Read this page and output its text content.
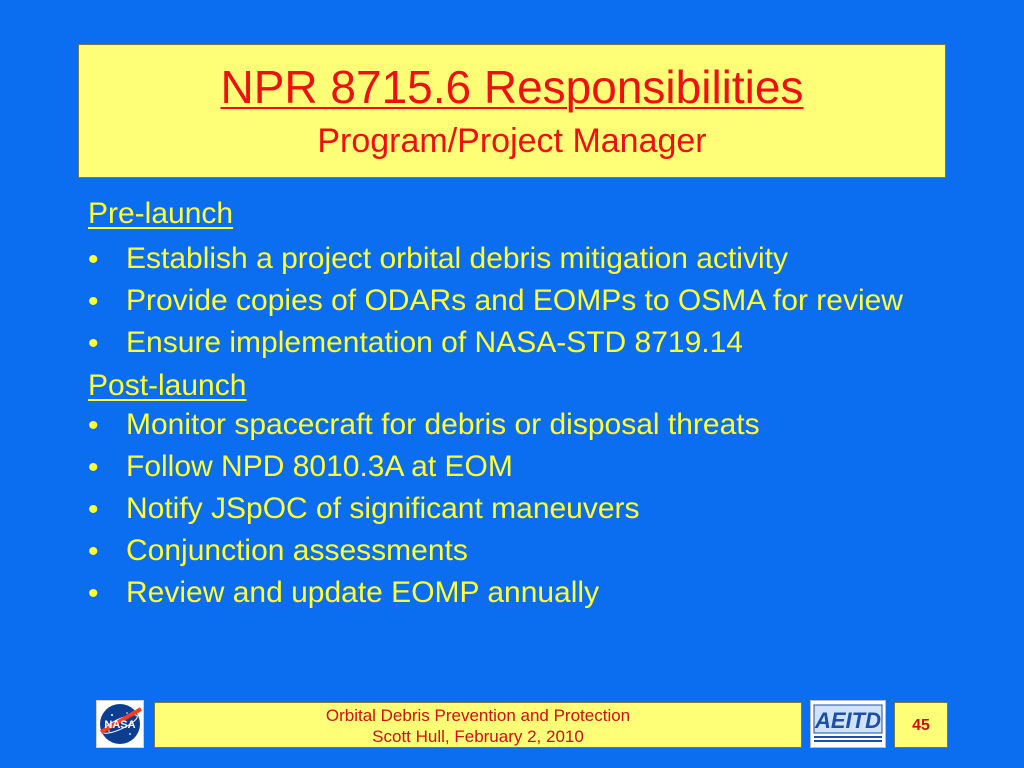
NPR 8715.6 Responsibilities
Program/Project Manager
Pre-launch
• Establish a project orbital debris mitigation activity
• Provide copies of ODARs and EOMPs to OSMA for review
• Ensure implementation of NASA-STD 8719.14
Post-launch
• Monitor spacecraft for debris or disposal threats
• Follow NPD 8010.3A at EOM
• Notify JSpOC of significant maneuvers
• Conjunction assessments
• Review and update EOMP annually
NASA	Orbital Debris Prevention and Protection
Scott Hull, February 2, 2010
AEITD	45
